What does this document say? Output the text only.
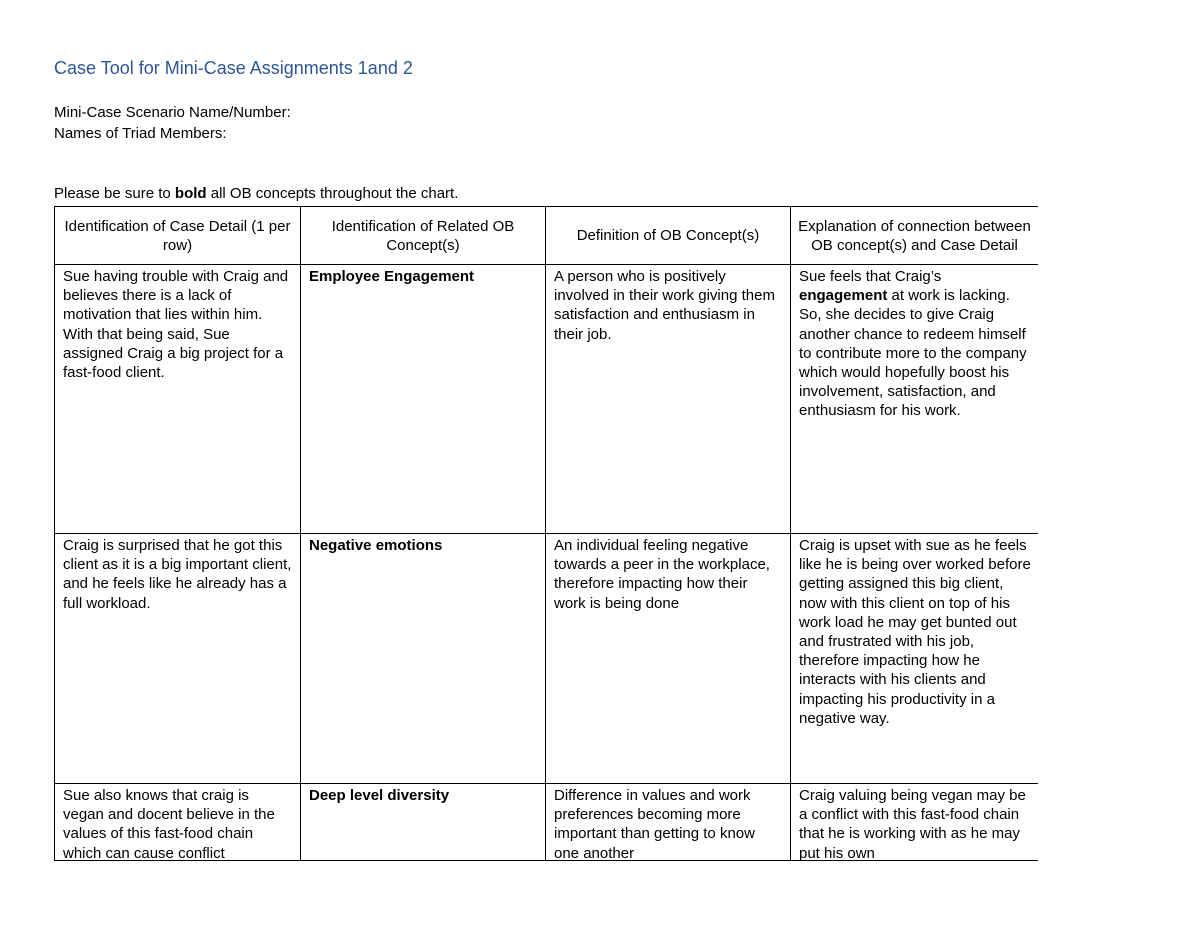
Case Tool for Mini-Case Assignments 1and 2
Mini-Case Scenario Name/Number:
Names of Triad Members:
Please be sure to bold all OB concepts throughout the chart.
Identification of Case Detail (1 per row)	Identification of Related OB Concept(s)	Definition of OB Concept(s)	Explanation of connection between OB concept(s) and Case Detail
Sue having trouble with Craig and believes there is a lack of motivation that lies within him. With that being said, Sue assigned Craig a big project for a fast-food client.	Employee Engagement	A person who is positively involved in their work giving them satisfaction and enthusiasm in their job.	Sue feels that Craig’s engagement at work is lacking. So, she decides to give Craig another chance to redeem himself to contribute more to the company which would hopefully boost his involvement, satisfaction, and enthusiasm for his work.
Craig is surprised that he got this client as it is a big important client, and he feels like he already has a full workload.	Negative emotions	An individual feeling negative towards a peer in the workplace, therefore impacting how their work is being done	Craig is upset with sue as he feels like he is being over worked before getting assigned this big client, now with this client on top of his work load he may get bunted out and frustrated with his job, therefore impacting how he interacts with his clients and impacting his productivity in a negative way.
Sue also knows that craig is vegan and docent believe in the values of this fast-food chain which can cause conflict	Deep level diversity	Difference in values and work preferences becoming more important than getting to know one another	Craig valuing being vegan may be a conflict with this fast-food chain that he is working with as he may put his own
